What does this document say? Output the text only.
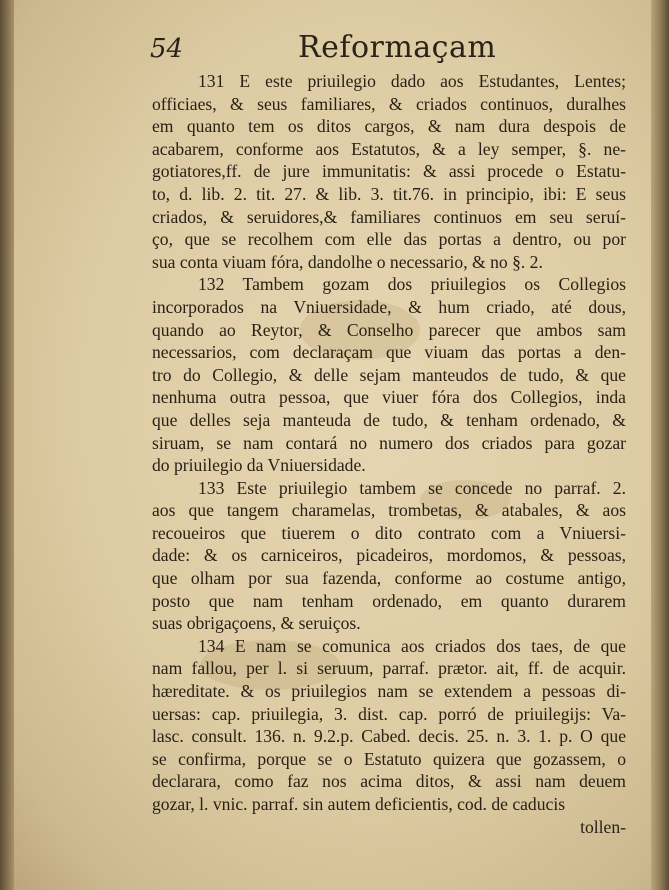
54	Reformaçam
131 E este priuilegio dado aos Estudantes, Lentes;
officiaes, & seus familiares, & criados continuos, duralhes
em quanto tem os ditos cargos, & nam dura despois de
acabarem, conforme aos Estatutos, & a ley semper, §. ne-
gotiatores,ff. de jure immunitatis: & assi procede o Estatu-
to, d. lib. 2. tit. 27. & lib. 3. tit.76. in principio, ibi: E seus
criados, & seruidores,& familiares continuos em seu seruí-
ço, que se recolhem com elle das portas a dentro, ou por
sua conta viuam fóra, dandolhe o necessario, & no §. 2.
132 Tambem gozam dos priuilegios os Collegios
incorporados na Vniuersidade, & hum criado, até dous,
quando ao Reytor, & Conselho parecer que ambos sam
necessarios, com declaraçam que viuam das portas a den-
tro do Collegio, & delle sejam manteudos de tudo, & que
nenhuma outra pessoa, que viuer fóra dos Collegios, inda
que delles seja manteuda de tudo, & tenham ordenado, &
siruam, se nam contará no numero dos criados para gozar
do priuilegio da Vniuersidade.
133 Este priuilegio tambem se concede no parraf. 2.
aos que tangem charamelas, trombetas, & atabales, & aos
recoueiros que tiuerem o dito contrato com a Vniuersi-
dade: & os carniceiros, picadeiros, mordomos, & pessoas,
que olham por sua fazenda, conforme ao costume antigo,
posto que nam tenham ordenado, em quanto durarem
suas obrigaçoens, & seruiços.
134 E nam se comunica aos criados dos taes, de que
nam fallou, per l. si seruum, parraf. prætor. ait, ff. de acquir.
hæreditate. & os priuilegios nam se extendem a pessoas di-
uersas: cap. priuilegia, 3. dist. cap. porró de priuilegijs: Va-
lasc. consult. 136. n. 9.2.p. Cabed. decis. 25. n. 3. 1. p. O que
se confirma, porque se o Estatuto quizera que gozassem, o
declarara, como faz nos acima ditos, & assi nam deuem
gozar, l. vnic. parraf. sin autem deficientis, cod. de caducis
tollen-
